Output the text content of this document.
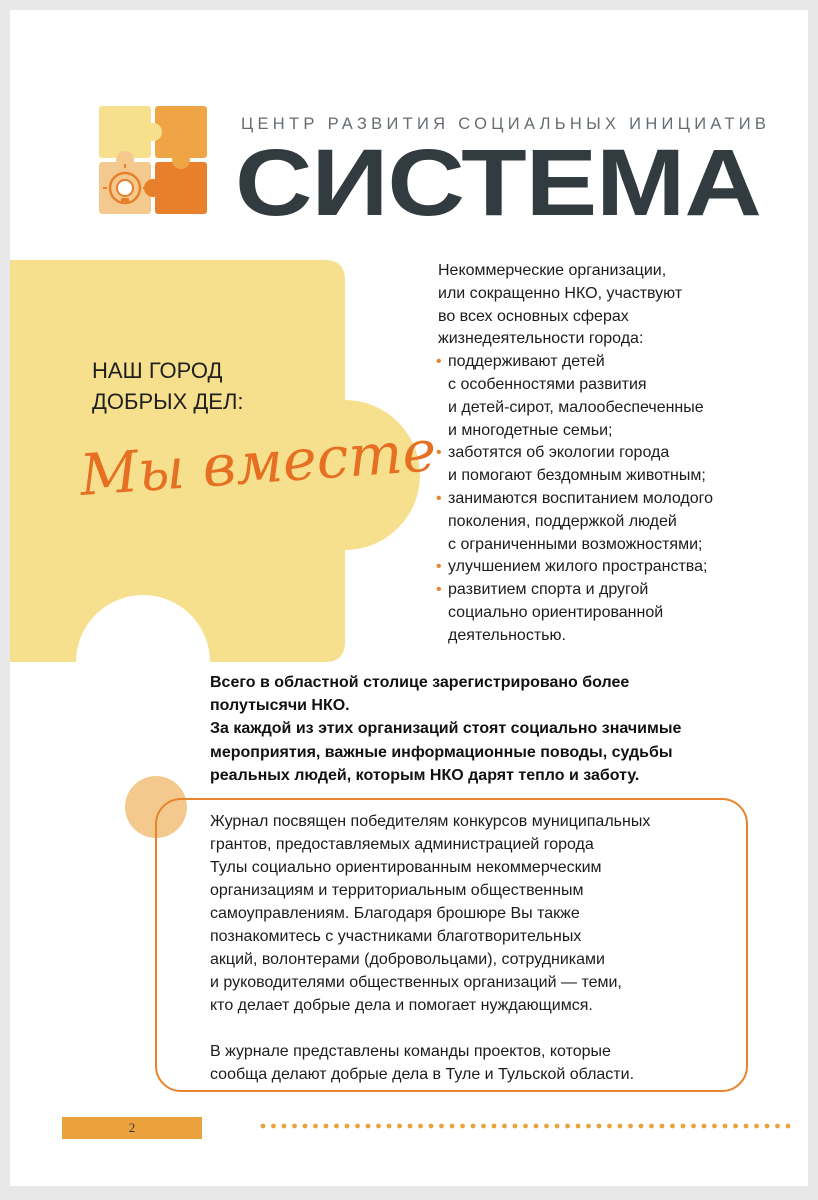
ЦЕНТР РАЗВИТИЯ СОЦИАЛЬНЫХ ИНИЦИАТИВ
СИСТЕМА
НАШ ГОРОД
ДОБРЫХ ДЕЛ:
Мы вместе

Некоммерческие организации,
или сокращенно НКО, участвуют
во всех основных сферах
жизнедеятельности города:

• поддерживают детей
с особенностями развития
и детей-сирот, малообеспеченные
и многодетные семьи;
• заботятся об экологии города
и помогают бездомным животным;
• занимаются воспитанием молодого
поколения, поддержкой людей
с ограниченными возможностями;
• улучшением жилого пространства;
• развитием спорта и другой
социально ориентированной
деятельностью.

Всего в областной столице зарегистрировано более
полутысячи НКО.

За каждой из этих организаций стоят социально значимые
мероприятия, важные информационные поводы, судьбы
реальных людей, которым НКО дарят тепло и заботу.

Журнал посвящен победителям конкурсов муниципальных
грантов, предоставляемых администрацией города
Тулы социально ориентированным некоммерческим
организациям и территориальным общественным
самоуправлениям. Благодаря брошюре Вы также
познакомитесь с участниками благотворительных
акций, волонтерами (добровольцами), сотрудниками
и руководителями общественных организаций — теми,
кто делает добрые дела и помогает нуждающимся.

В журнале представлены команды проектов, которые
сообща делают добрые дела в Туле и Тульской области.

2
